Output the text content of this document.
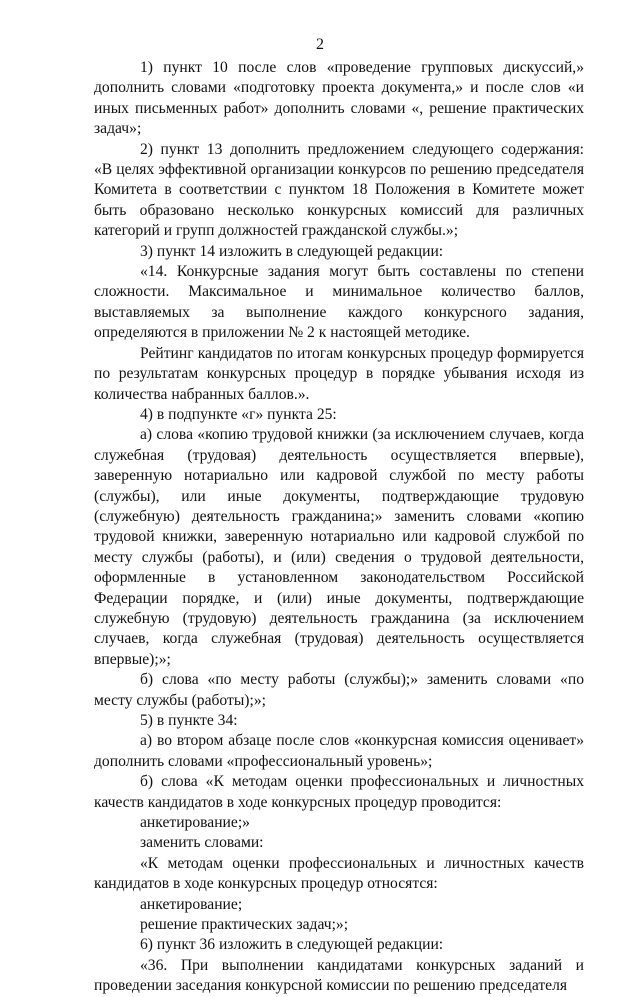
2

1) пункт 10 после слов «проведение групповых дискуссий,» дополнить словами «подготовку проекта документа,» и после слов «и иных письменных работ» дополнить словами «, решение практических задач»;

2) пункт 13 дополнить предложением следующего содержания: «В целях эффективной организации конкурсов по решению председателя Комитета в соответствии с пунктом 18 Положения в Комитете может быть образовано несколько конкурсных комиссий для различных категорий и групп должностей гражданской службы.»;

3) пункт 14 изложить в следующей редакции:

«14. Конкурсные задания могут быть составлены по степени сложности. Максимальное и минимальное количество баллов, выставляемых за выполнение каждого конкурсного задания, определяются в приложении № 2 к настоящей методике.

Рейтинг кандидатов по итогам конкурсных процедур формируется по результатам конкурсных процедур в порядке убывания исходя из количества набранных баллов.».

4) в подпункте «г» пункта 25:

а) слова «копию трудовой книжки (за исключением случаев, когда служебная (трудовая) деятельность осуществляется впервые), заверенную нотариально или кадровой службой по месту работы (службы), или иные документы, подтверждающие трудовую (служебную) деятельность гражданина;» заменить словами «копию трудовой книжки, заверенную нотариально или кадровой службой по месту службы (работы), и (или) сведения о трудовой деятельности, оформленные в установленном законодательством Российской Федерации порядке, и (или) иные документы, подтверждающие служебную (трудовую) деятельность гражданина (за исключением случаев, когда служебная (трудовая) деятельность осуществляется впервые);»;

б) слова «по месту работы (службы);» заменить словами «по месту службы (работы);»;

5) в пункте 34:

а) во втором абзаце после слов «конкурсная комиссия оценивает» дополнить словами «профессиональный уровень»;

б) слова «К методам оценки профессиональных и личностных качеств кандидатов в ходе конкурсных процедур проводится:

анкетирование;»

заменить словами:

«К методам оценки профессиональных и личностных качеств кандидатов в ходе конкурсных процедур относятся:

анкетирование;

решение практических задач;»;

6) пункт 36 изложить в следующей редакции:

«36. При выполнении кандидатами конкурсных заданий и проведении заседания конкурсной комиссии по решению председателя
